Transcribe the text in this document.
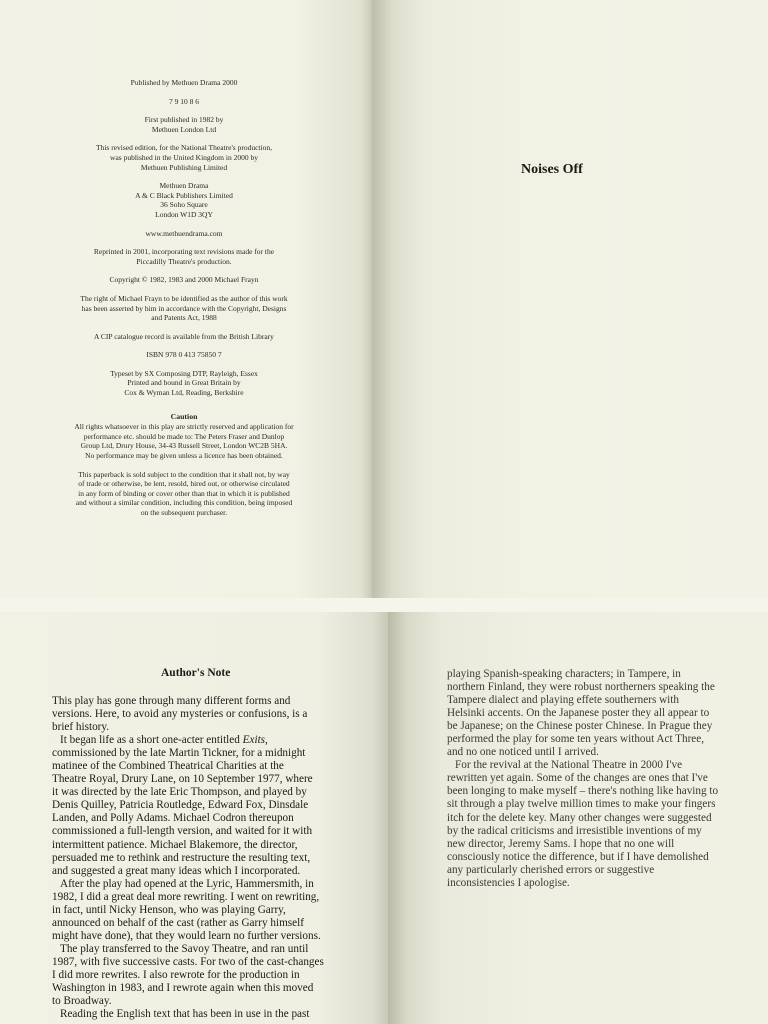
Published by Methuen Drama 2000
7 9 10 8 6
First published in 1982 by
Methuen London Ltd
This revised edition, for the National Theatre's production,
was published in the United Kingdom in 2000 by
Methuen Publishing Limited
Methuen Drama
A & C Black Publishers Limited
36 Soho Square
London W1D 3QY
www.methuendrama.com
Reprinted in 2001, incorporating text revisions made for the
Piccadilly Theatre's production.
Copyright © 1982, 1983 and 2000 Michael Frayn
The right of Michael Frayn to be identified as the author of this work
has been asserted by him in accordance with the Copyright, Designs
and Patents Act, 1988
A CIP catalogue record is available from the British Library
ISBN 978 0 413 75850 7
Typeset by SX Composing DTP, Rayleigh, Essex
Printed and bound in Great Britain by
Cox & Wyman Ltd, Reading, Berkshire
Caution
All rights whatsoever in this play are strictly reserved and application for
performance etc. should be made to: The Peters Fraser and Dunlop
Group Ltd, Drury House, 34-43 Russell Street, London WC2B 5HA.
No performance may be given unless a licence has been obtained.
This paperback is sold subject to the condition that it shall not, by way
of trade or otherwise, be lent, resold, hired out, or otherwise circulated
in any form of binding or cover other than that in which it is published
and without a similar condition, including this condition, being imposed
on the subsequent purchaser.
Noises Off
Author's Note
This play has gone through many different forms and
versions. Here, to avoid any mysteries or confusions, is a
brief history.
It began life as a short one-acter entitled Exits,
commissioned by the late Martin Tickner, for a midnight
matinee of the Combined Theatrical Charities at the
Theatre Royal, Drury Lane, on 10 September 1977, where
it was directed by the late Eric Thompson, and played by
Denis Quilley, Patricia Routledge, Edward Fox, Dinsdale
Landen, and Polly Adams. Michael Codron thereupon
commissioned a full-length version, and waited for it with
intermittent patience. Michael Blakemore, the director,
persuaded me to rethink and restructure the resulting text,
and suggested a great many ideas which I incorporated.
After the play had opened at the Lyric, Hammersmith, in
1982, I did a great deal more rewriting. I went on rewriting,
in fact, until Nicky Henson, who was playing Garry,
announced on behalf of the cast (rather as Garry himself
might have done), that they would learn no further versions.
The play transferred to the Savoy Theatre, and ran until
1987, with five successive casts. For two of the cast-changes
I did more rewrites. I also rewrote for the production in
Washington in 1983, and I rewrote again when this moved
to Broadway.
Reading the English text that has been in use in the past
playing Spanish-speaking characters; in Tampere, in
northern Finland, they were robust northerners speaking the
Tampere dialect and playing effete southerners with
Helsinki accents. On the Japanese poster they all appear to
be Japanese; on the Chinese poster Chinese. In Prague they
performed the play for some ten years without Act Three,
and no one noticed until I arrived.
For the revival at the National Theatre in 2000 I've
rewritten yet again. Some of the changes are ones that I've
been longing to make myself – there's nothing like having to
sit through a play twelve million times to make your fingers
itch for the delete key. Many other changes were suggested
by the radical criticisms and irresistible inventions of my
new director, Jeremy Sams. I hope that no one will
consciously notice the difference, but if I have demolished
any particularly cherished errors or suggestive
inconsistencies I apologise.
